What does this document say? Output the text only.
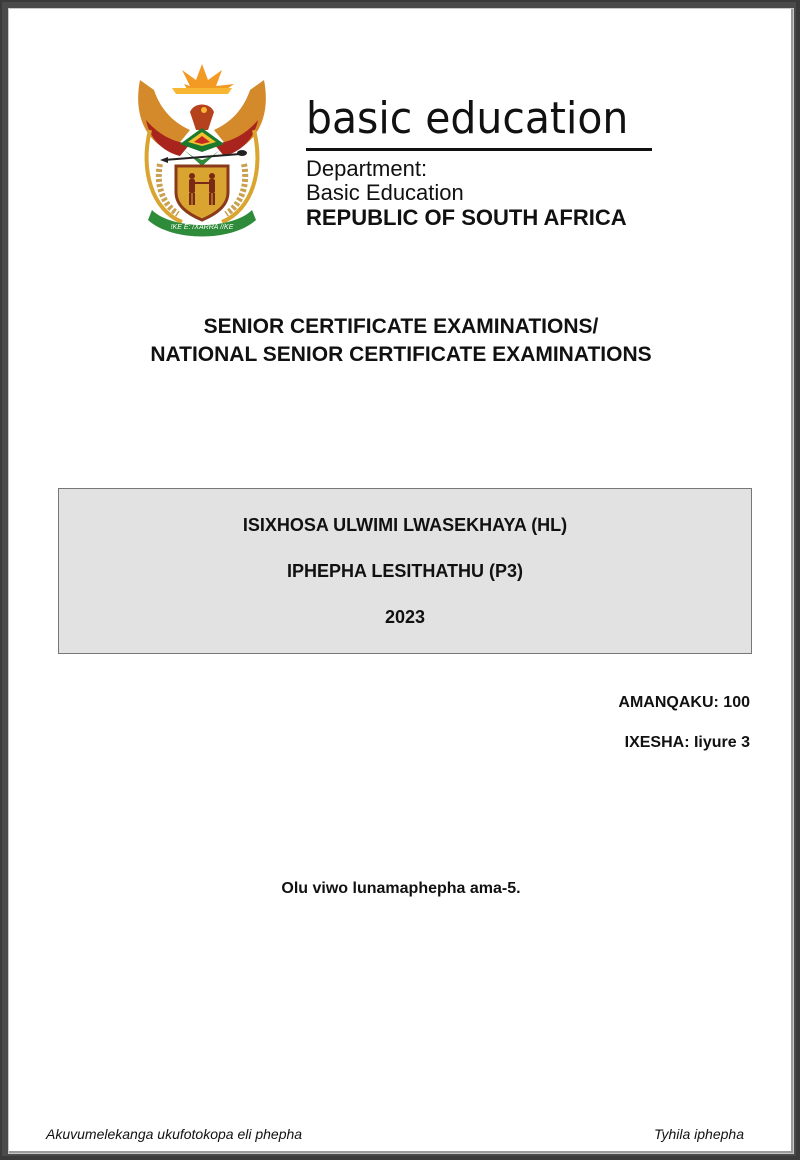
!KE E: /XARRA //KE
basic education
Department:
Basic Education
REPUBLIC OF SOUTH AFRICA
SENIOR CERTIFICATE EXAMINATIONS/
NATIONAL SENIOR CERTIFICATE EXAMINATIONS
ISIXHOSA ULWIMI LWASEKHAYA (HL)
IPHEPHA LESITHATHU (P3)
2023
AMANQAKU: 100
IXESHA: Iiyure 3
Olu viwo lunamaphepha ama-5.
Akuvumelekanga ukufotokopa eli phepha	Tyhila iphepha
